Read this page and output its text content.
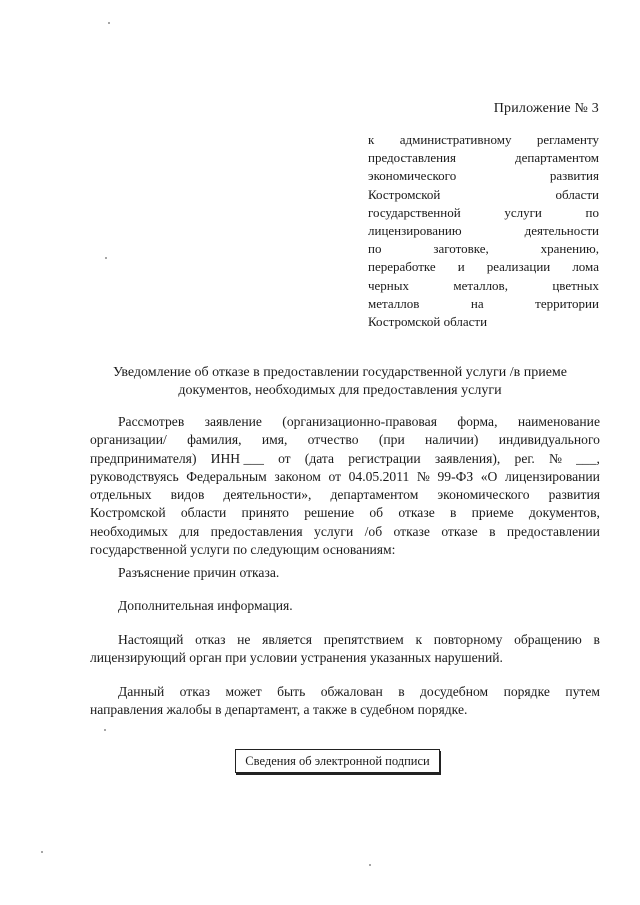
Приложение № 3
к административному регламенту
предоставления	департаментом
экономического	развития
Костромской	области
государственной	услуги	по
лицензированию	деятельности
по	заготовке,	хранению,
переработке и реализации лома
черных	металлов,	цветных
металлов	на	территории
Костромской области
Уведомление об отказе в предоставлении государственной услуги /в приеме
документов, необходимых для предоставления услуги
Рассмотрев заявление (организационно-правовая форма, наименование
организации/ фамилия, имя, отчество (при наличии) индивидуального
предпринимателя) ИНН ___ от (дата регистрации заявления), рег. № ___,
руководствуясь Федеральным законом от 04.05.2011 № 99-ФЗ «О лицензировании
отдельных видов деятельности», департаментом экономического развития
Костромской области принято решение об отказе в приеме документов,
необходимых для предоставления услуги /об отказе отказе в предоставлении
государственной услуги по следующим основаниям:
Разъяснение причин отказа.
Дополнительная информация.
Настоящий отказ не является препятствием к повторному обращению в
лицензирующий орган при условии устранения указанных нарушений.
Данный отказ может быть обжалован в досудебном порядке путем
направления жалобы в департамент, а также в судебном порядке.
Сведения об электронной подписи
